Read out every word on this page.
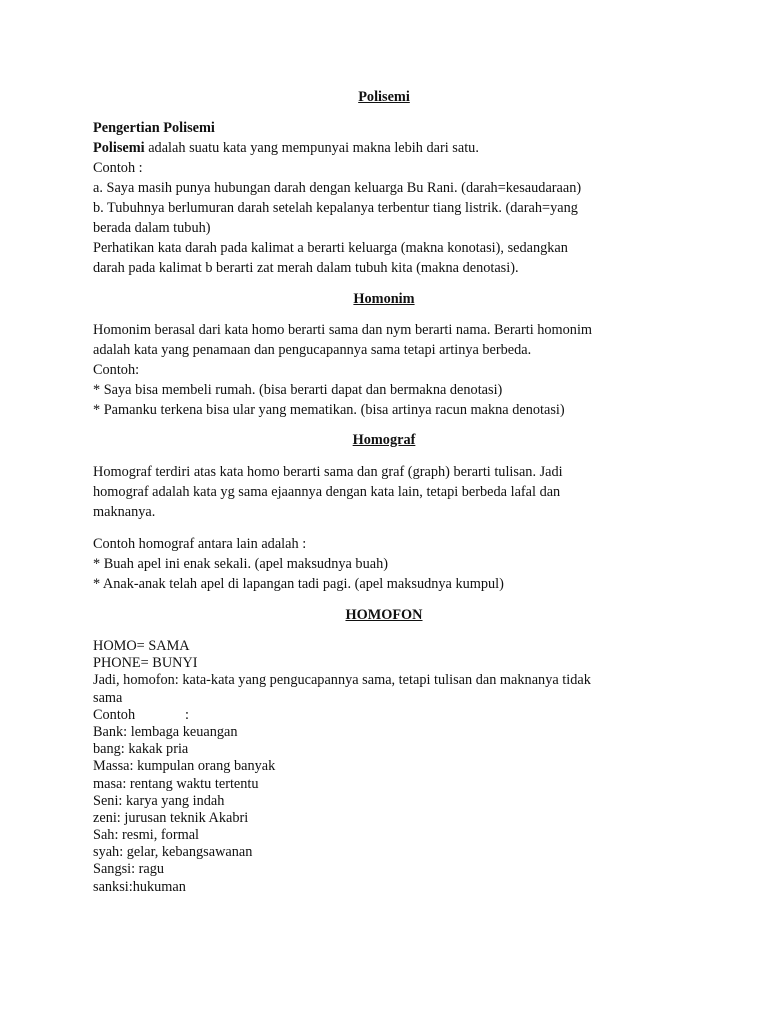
Polisemi
Pengertian Polisemi
Polisemi adalah suatu kata yang mempunyai makna lebih dari satu.
Contoh :
a. Saya masih punya hubungan darah dengan keluarga Bu Rani. (darah=kesaudaraan)
b. Tubuhnya berlumuran darah setelah kepalanya terbentur tiang listrik. (darah=yang
berada dalam tubuh)
Perhatikan kata darah pada kalimat a berarti keluarga (makna konotasi), sedangkan
darah pada kalimat b berarti zat merah dalam tubuh kita (makna denotasi).
Homonim
Homonim berasal dari kata homo berarti sama dan nym berarti nama. Berarti homonim
adalah kata yang penamaan dan pengucapannya sama tetapi artinya berbeda.
Contoh:
* Saya bisa membeli rumah. (bisa berarti dapat dan bermakna denotasi)
* Pamanku terkena bisa ular yang mematikan. (bisa artinya racun makna denotasi)
Homograf
Homograf terdiri atas kata homo berarti sama dan graf (graph) berarti tulisan. Jadi
homograf adalah kata yg sama ejaannya dengan kata lain, tetapi berbeda lafal dan
maknanya.
Contoh homograf antara lain adalah :
* Buah apel ini enak sekali. (apel maksudnya buah)
* Anak-anak telah apel di lapangan tadi pagi. (apel maksudnya kumpul)
HOMOFON
HOMO= SAMA
PHONE= BUNYI
Jadi, homofon: kata-kata yang pengucapannya sama, tetapi tulisan dan maknanya tidak
sama
Contoh	:
Bank: lembaga keuangan
bang: kakak pria
Massa: kumpulan orang banyak
masa: rentang waktu tertentu
Seni: karya yang indah
zeni: jurusan teknik Akabri
Sah: resmi, formal
syah: gelar, kebangsawanan
Sangsi: ragu
sanksi:hukuman
